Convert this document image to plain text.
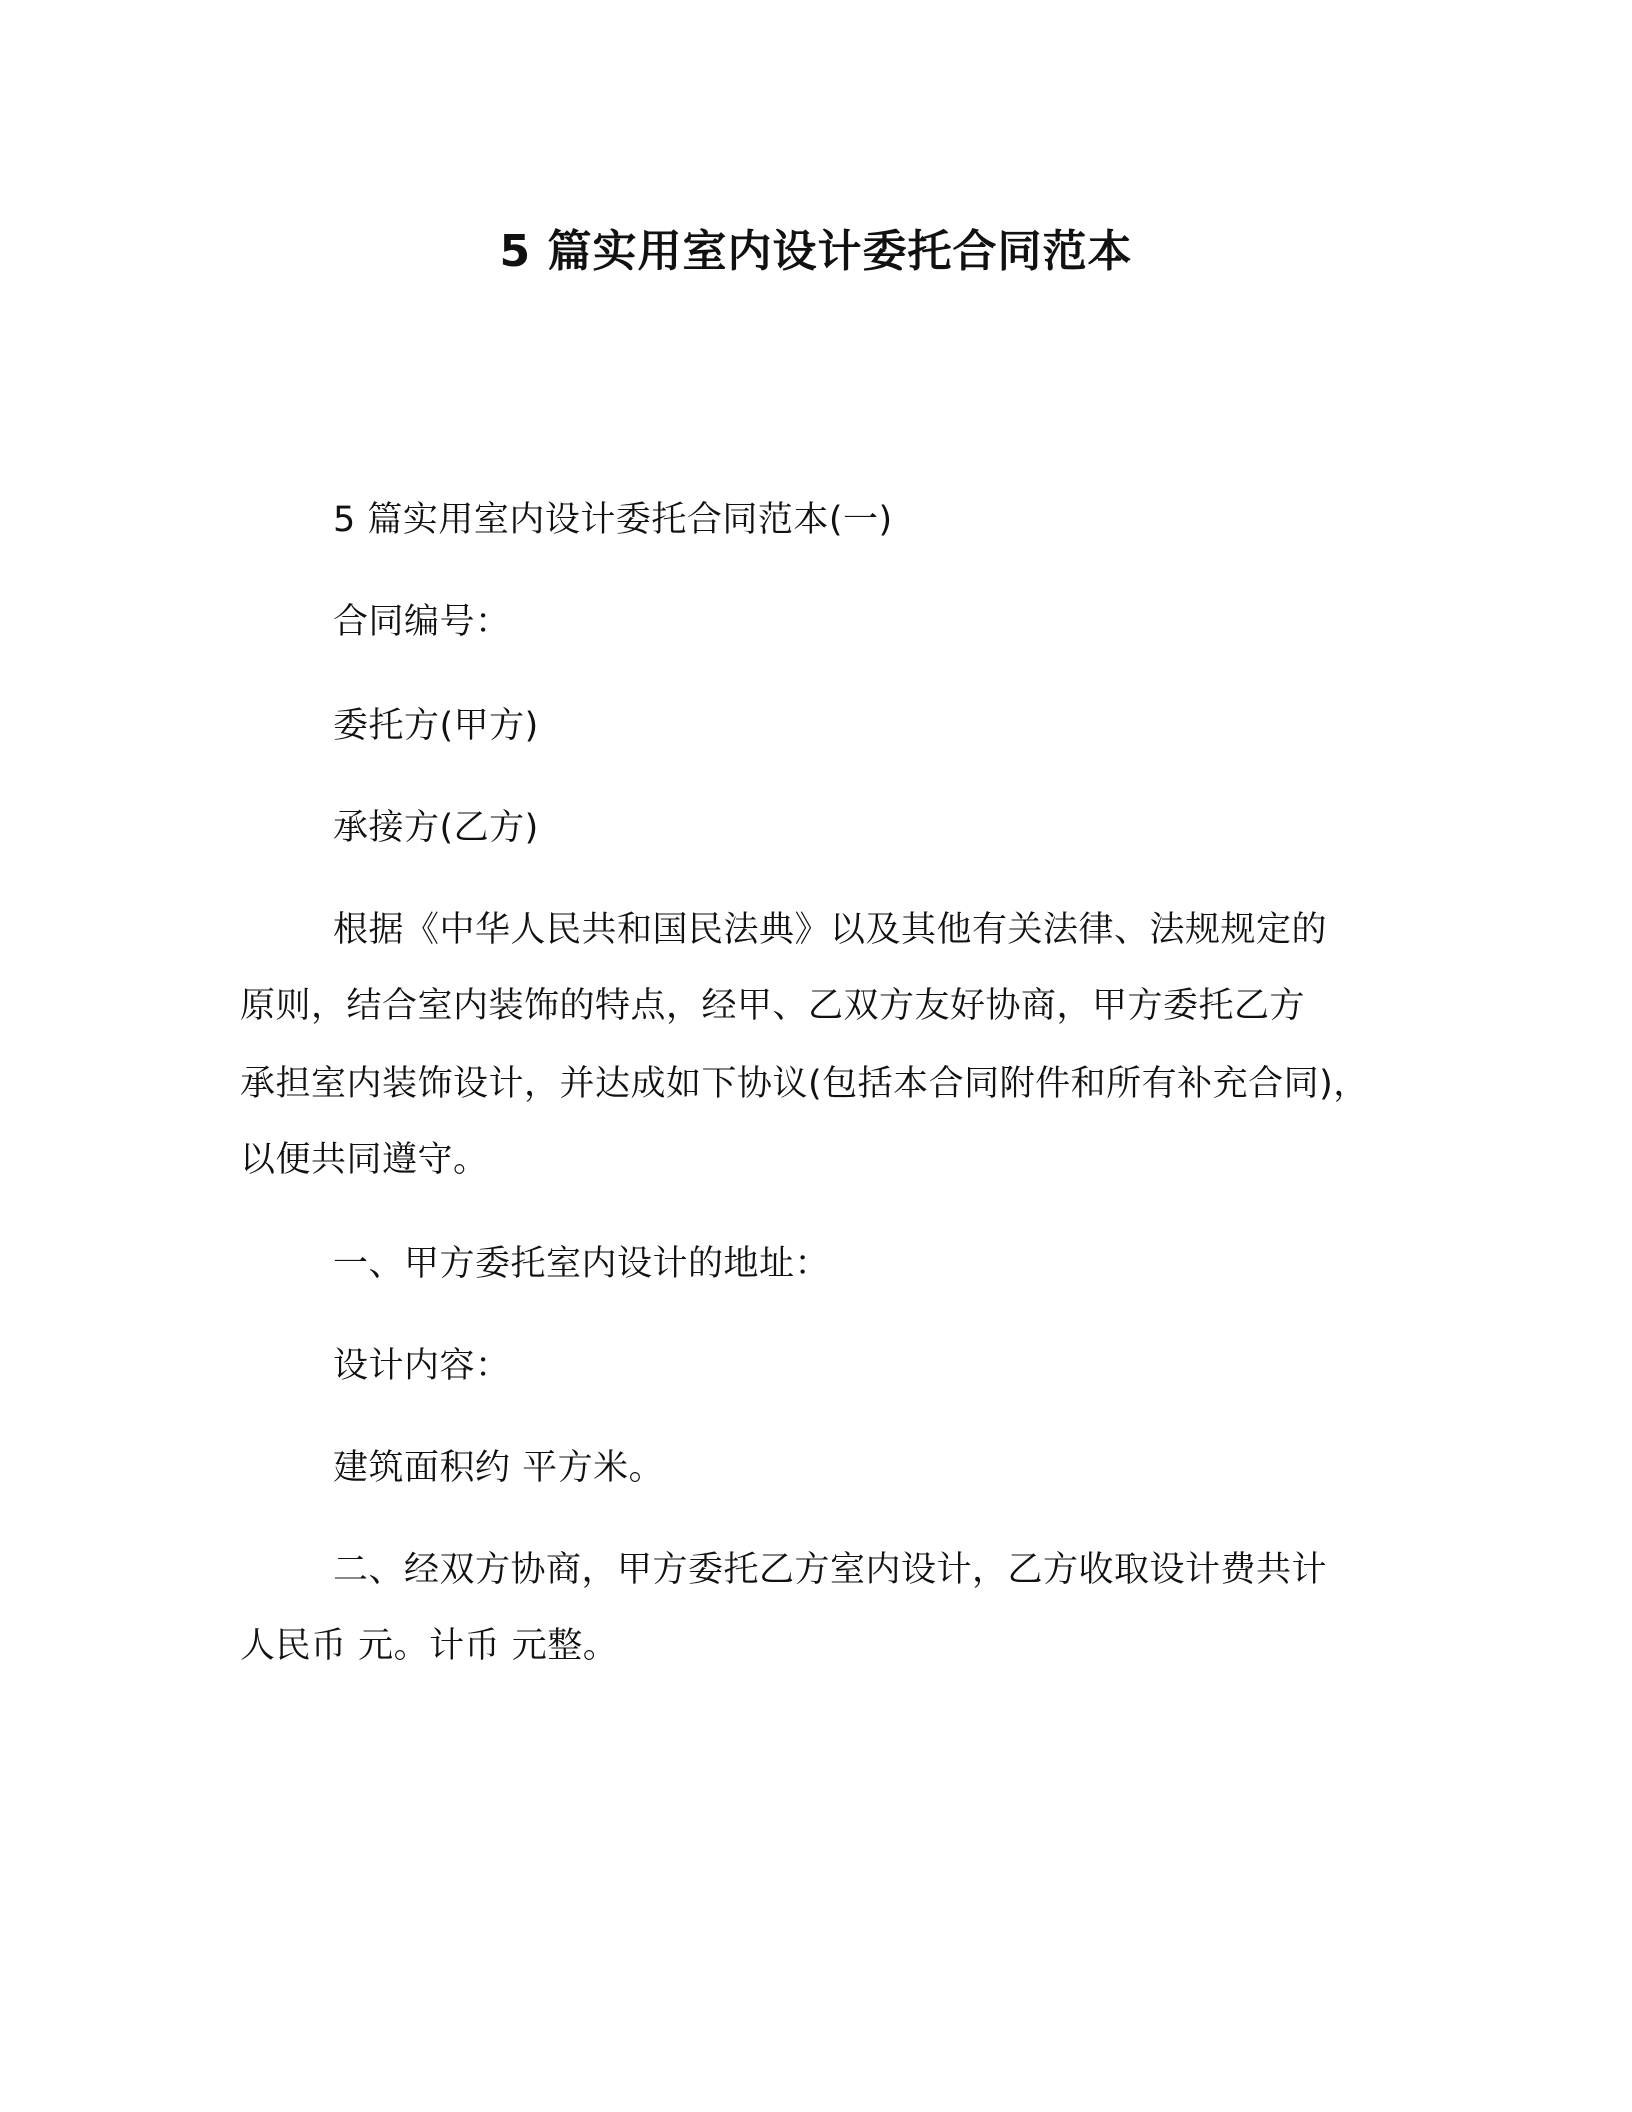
5 篇实用室内设计委托合同范本
5 篇实用室内设计委托合同范本(一)
合同编号：
委托方(甲方)
承接方(乙方)
根据《中华人民共和国民法典》以及其他有关法律、法规规定的
原则，结合室内装饰的特点，经甲、乙双方友好协商，甲方委托乙方
承担室内装饰设计，并达成如下协议(包括本合同附件和所有补充合同)，
以便共同遵守。
一、甲方委托室内设计的地址：
设计内容：
建筑面积约 平方米。
二、经双方协商，甲方委托乙方室内设计，乙方收取设计费共计
人民币 元。计币 元整。
